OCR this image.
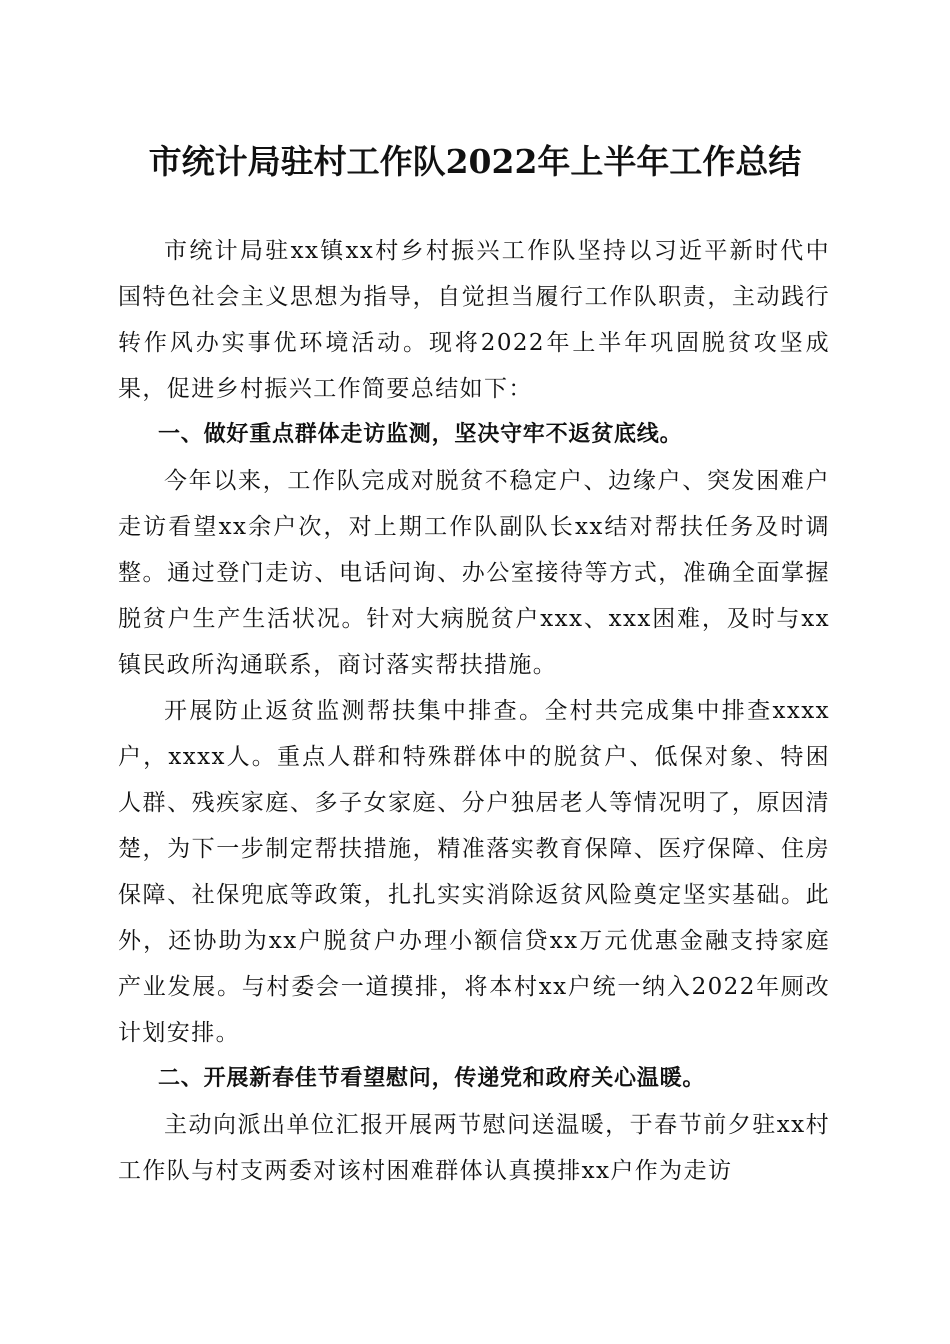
市统计局驻村工作队2022年上半年工作总结

市统计局驻xx镇xx村乡村振兴工作队坚持以习近平新时代中国特色社会主义思想为指导，自觉担当履行工作队职责，主动践行转作风办实事优环境活动。现将2022年上半年巩固脱贫攻坚成果，促进乡村振兴工作简要总结如下：

一、做好重点群体走访监测，坚决守牢不返贫底线。

今年以来，工作队完成对脱贫不稳定户、边缘户、突发困难户走访看望xx余户次，对上期工作队副队长xx结对帮扶任务及时调整。通过登门走访、电话问询、办公室接待等方式，准确全面掌握脱贫户生产生活状况。针对大病脱贫户xxx、xxx困难，及时与xx镇民政所沟通联系，商讨落实帮扶措施。

开展防止返贫监测帮扶集中排查。全村共完成集中排查xxxx户，xxxx人。重点人群和特殊群体中的脱贫户、低保对象、特困人群、残疾家庭、多子女家庭、分户独居老人等情况明了，原因清楚，为下一步制定帮扶措施，精准落实教育保障、医疗保障、住房保障、社保兜底等政策，扎扎实实消除返贫风险奠定坚实基础。此外，还协助为xx户脱贫户办理小额信贷xx万元优惠金融支持家庭产业发展。与村委会一道摸排，将本村xx户统一纳入2022年厕改计划安排。

二、开展新春佳节看望慰问，传递党和政府关心温暖。

主动向派出单位汇报开展两节慰问送温暖，于春节前夕驻xx村工作队与村支两委对该村困难群体认真摸排xx户作为走访
